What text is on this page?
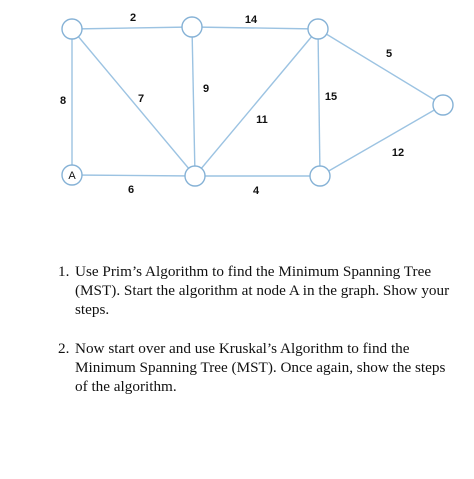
A
2	14
5
8	7
9
11
15
12
6	4
1. Use Prim’s Algorithm to find the Minimum Spanning Tree (MST). Start the algorithm at node A in the graph. Show your steps.
2. Now start over and use Kruskal’s Algorithm to find the Minimum Spanning Tree (MST). Once again, show the steps of the algorithm.
